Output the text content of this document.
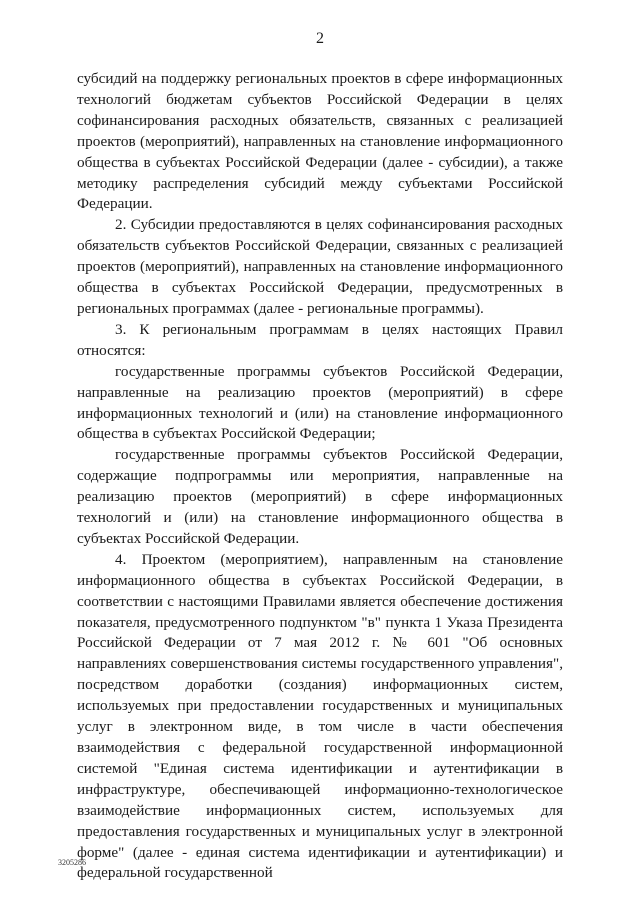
2

субсидий на поддержку региональных проектов в сфере информационных технологий бюджетам субъектов Российской Федерации в целях софинансирования расходных обязательств, связанных с реализацией проектов (мероприятий), направленных на становление информационного общества в субъектах Российской Федерации (далее - субсидии), а также методику распределения субсидий между субъектами Российской Федерации.

2. Субсидии предоставляются в целях софинансирования расходных обязательств субъектов Российской Федерации, связанных с реализацией проектов (мероприятий), направленных на становление информационного общества в субъектах Российской Федерации, предусмотренных в региональных программах (далее - региональные программы).

3. К региональным программам в целях настоящих Правил относятся:

государственные программы субъектов Российской Федерации, направленные на реализацию проектов (мероприятий) в сфере информационных технологий и (или) на становление информационного общества в субъектах Российской Федерации;

государственные программы субъектов Российской Федерации, содержащие подпрограммы или мероприятия, направленные на реализацию проектов (мероприятий) в сфере информационных технологий и (или) на становление информационного общества в субъектах Российской Федерации.

4. Проектом (мероприятием), направленным на становление информационного общества в субъектах Российской Федерации, в соответствии с настоящими Правилами является обеспечение достижения показателя, предусмотренного подпунктом "в" пункта 1 Указа Президента Российской Федерации от 7 мая 2012 г. № 601 "Об основных направлениях совершенствования системы государственного управления", посредством доработки (создания) информационных систем, используемых при предоставлении государственных и муниципальных услуг в электронном виде, в том числе в части обеспечения взаимодействия с федеральной государственной информационной системой "Единая система идентификации и аутентификации в инфраструктуре, обеспечивающей информационно-технологическое взаимодействие информационных систем, используемых для предоставления государственных и муниципальных услуг в электронной форме" (далее - единая система идентификации и аутентификации) и федеральной государственной

3205286
